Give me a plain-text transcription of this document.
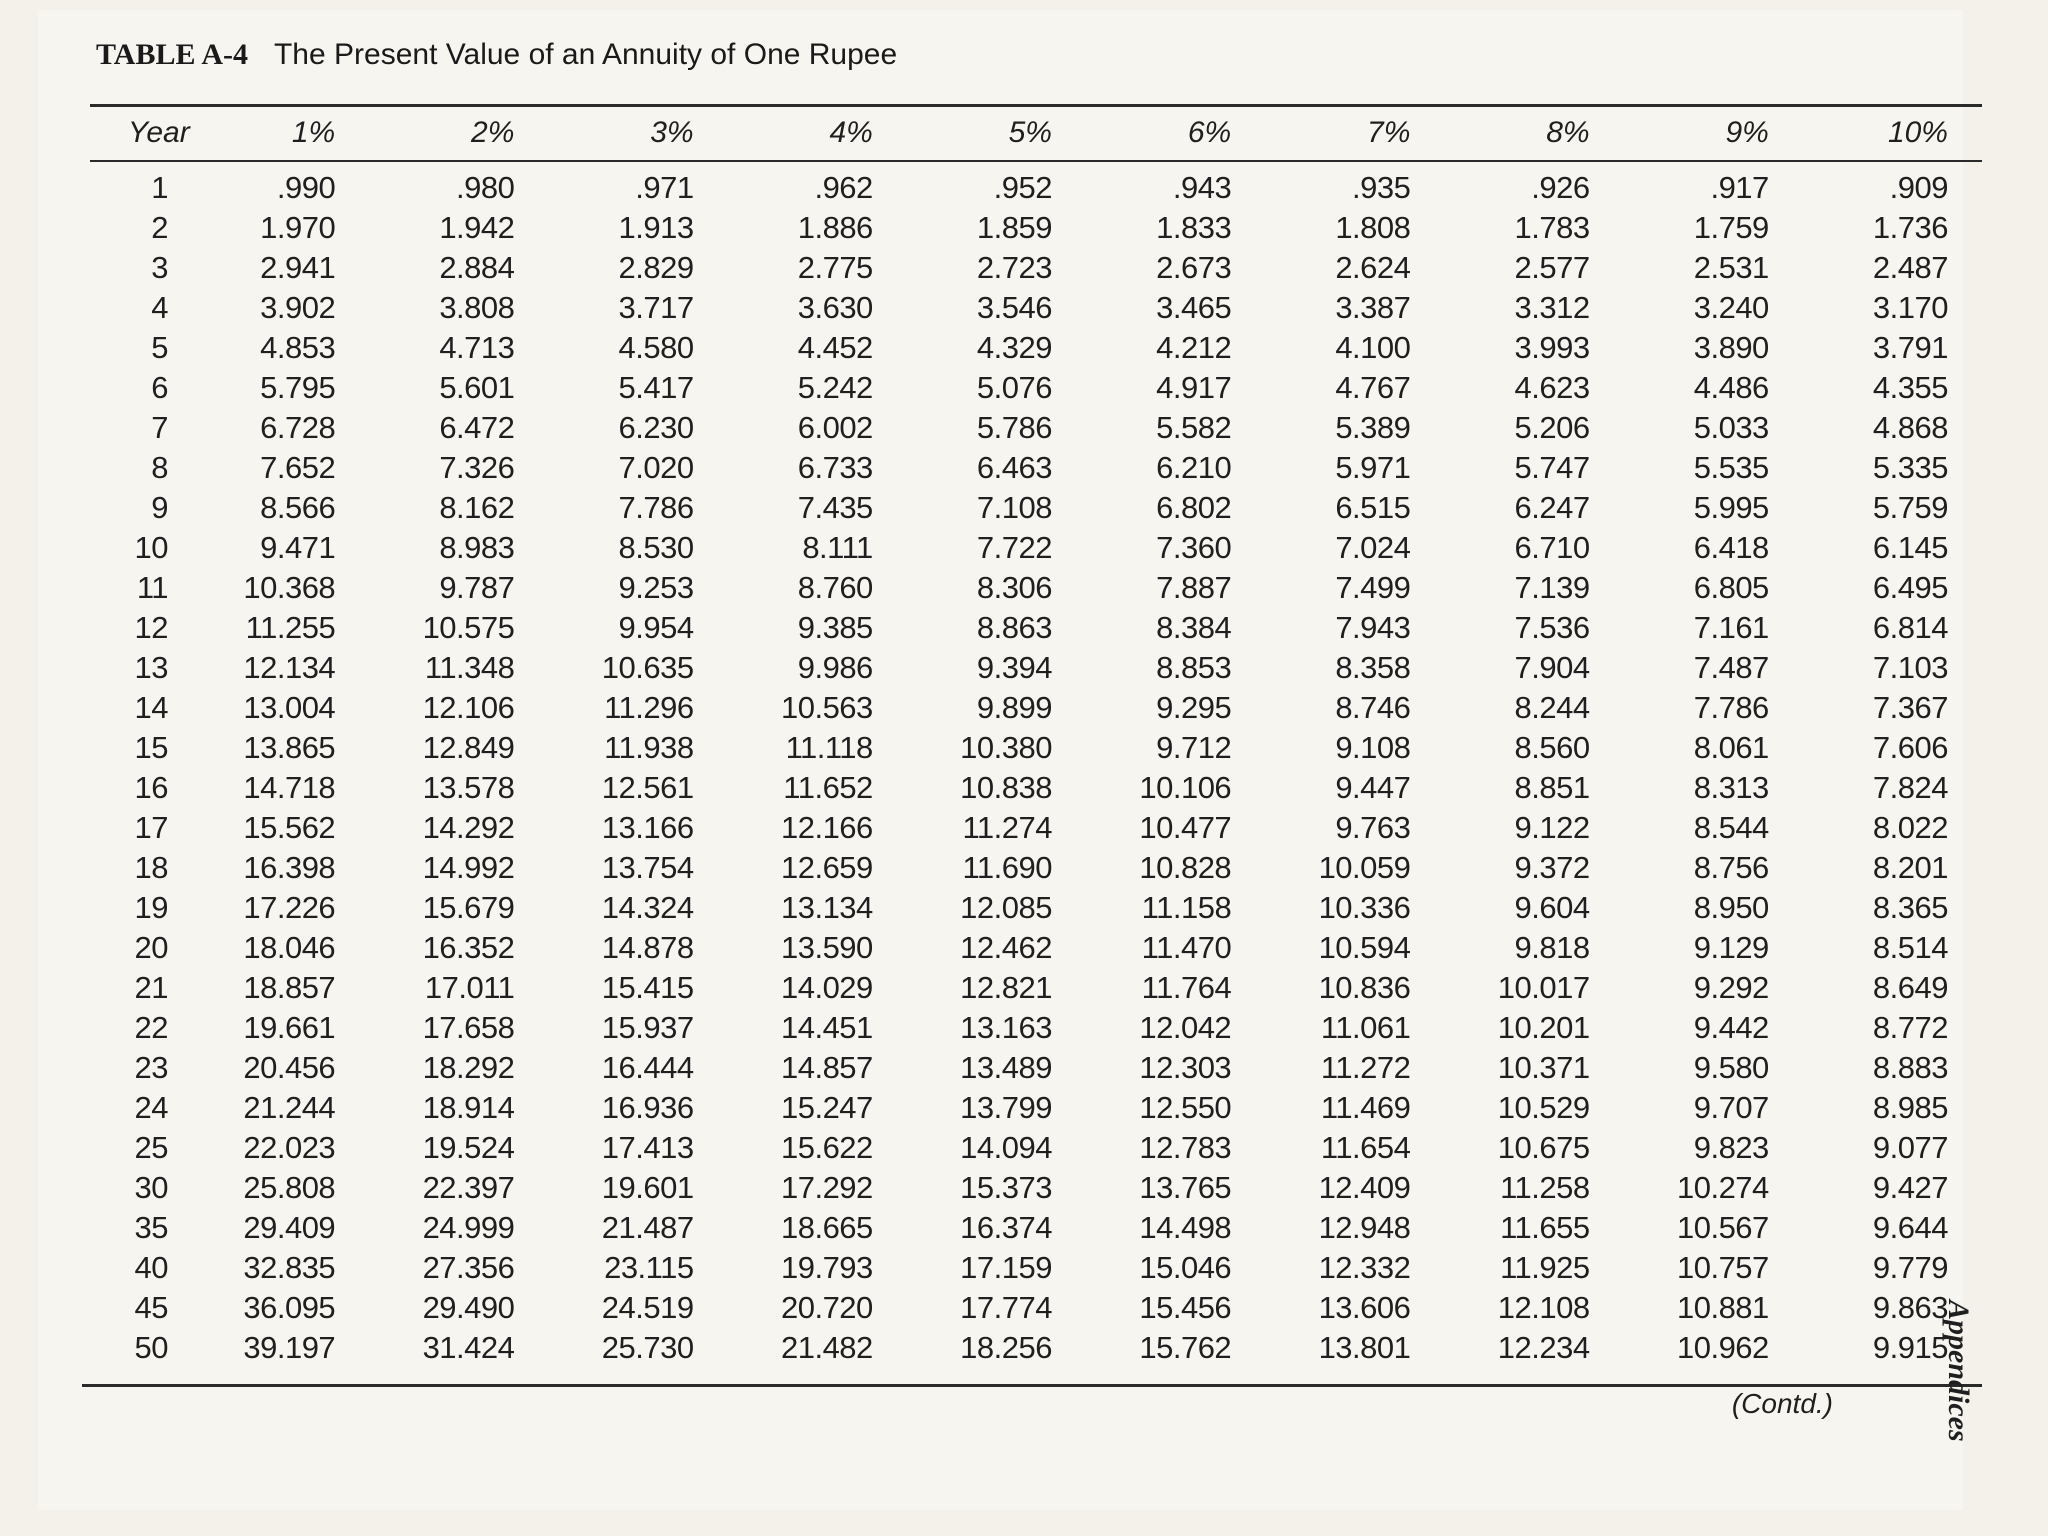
TABLE A-4 The Present Value of an Annuity of One Rupee
Year	1%	2%	3%	4%	5%	6%	7%	8%	9%	10%
1	.990	.980	.971	.962	.952	.943	.935	.926	.917	.909
2	1.970	1.942	1.913	1.886	1.859	1.833	1.808	1.783	1.759	1.736
3	2.941	2.884	2.829	2.775	2.723	2.673	2.624	2.577	2.531	2.487
4	3.902	3.808	3.717	3.630	3.546	3.465	3.387	3.312	3.240	3.170
5	4.853	4.713	4.580	4.452	4.329	4.212	4.100	3.993	3.890	3.791
6	5.795	5.601	5.417	5.242	5.076	4.917	4.767	4.623	4.486	4.355
7	6.728	6.472	6.230	6.002	5.786	5.582	5.389	5.206	5.033	4.868
8	7.652	7.326	7.020	6.733	6.463	6.210	5.971	5.747	5.535	5.335
9	8.566	8.162	7.786	7.435	7.108	6.802	6.515	6.247	5.995	5.759
10	9.471	8.983	8.530	8.111	7.722	7.360	7.024	6.710	6.418	6.145
11	10.368	9.787	9.253	8.760	8.306	7.887	7.499	7.139	6.805	6.495
12	11.255	10.575	9.954	9.385	8.863	8.384	7.943	7.536	7.161	6.814
13	12.134	11.348	10.635	9.986	9.394	8.853	8.358	7.904	7.487	7.103
14	13.004	12.106	11.296	10.563	9.899	9.295	8.746	8.244	7.786	7.367
15	13.865	12.849	11.938	11.118	10.380	9.712	9.108	8.560	8.061	7.606
16	14.718	13.578	12.561	11.652	10.838	10.106	9.447	8.851	8.313	7.824
17	15.562	14.292	13.166	12.166	11.274	10.477	9.763	9.122	8.544	8.022
18	16.398	14.992	13.754	12.659	11.690	10.828	10.059	9.372	8.756	8.201
19	17.226	15.679	14.324	13.134	12.085	11.158	10.336	9.604	8.950	8.365
20	18.046	16.352	14.878	13.590	12.462	11.470	10.594	9.818	9.129	8.514
21	18.857	17.011	15.415	14.029	12.821	11.764	10.836	10.017	9.292	8.649
22	19.661	17.658	15.937	14.451	13.163	12.042	11.061	10.201	9.442	8.772
23	20.456	18.292	16.444	14.857	13.489	12.303	11.272	10.371	9.580	8.883
24	21.244	18.914	16.936	15.247	13.799	12.550	11.469	10.529	9.707	8.985
25	22.023	19.524	17.413	15.622	14.094	12.783	11.654	10.675	9.823	9.077
30	25.808	22.397	19.601	17.292	15.373	13.765	12.409	11.258	10.274	9.427
35	29.409	24.999	21.487	18.665	16.374	14.498	12.948	11.655	10.567	9.644
40	32.835	27.356	23.115	19.793	17.159	15.046	12.332	11.925	10.757	9.779
45	36.095	29.490	24.519	20.720	17.774	15.456	13.606	12.108	10.881	9.863
50	39.197	31.424	25.730	21.482	18.256	15.762	13.801	12.234	10.962	9.915
(Contd.)	Appendices
